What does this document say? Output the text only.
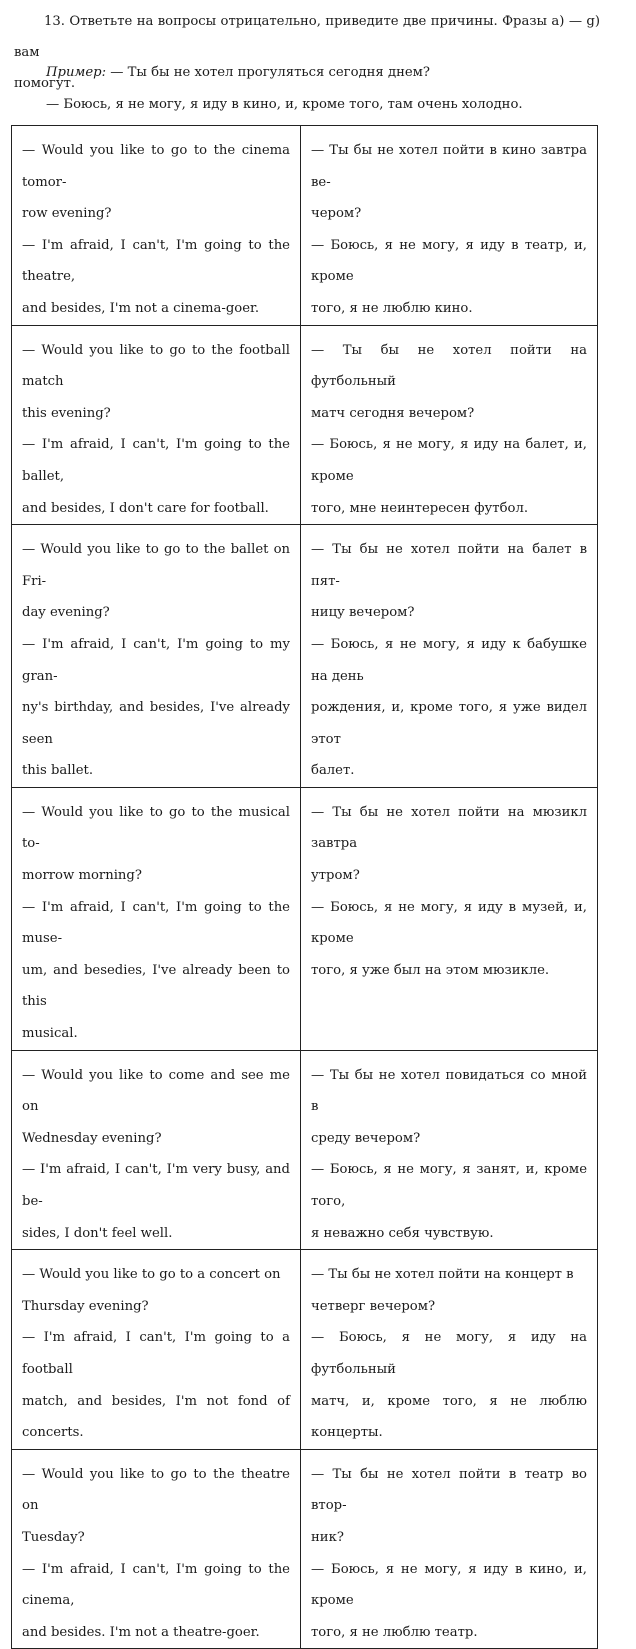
13. Ответьте на вопросы отрицательно, приведите две причины. Фразы a) — g) вам
помогут.
Пример: — Ты бы не хотел прогуляться сегодня днем?
— Боюсь, я не могу, я иду в кино, и, кроме того, там очень холодно.
— Would you like to go to the cinema tomor-
row evening?
— I'm afraid, I can't, I'm going to the theatre,
and besides, I'm not a cinema-goer.	— Ты бы не хотел пойти в кино завтра ве-
чером?
— Боюсь, я не могу, я иду в театр, и, кроме
того, я не люблю кино.

— Would you like to go to the football match
this evening?
— I'm afraid, I can't, I'm going to the ballet,
and besides, I don't care for football.	— Ты бы не хотел пойти на футбольный
матч сегодня вечером?
— Боюсь, я не могу, я иду на балет, и, кроме
того, мне неинтересен футбол.

— Would you like to go to the ballet on Fri-
day evening?
— I'm afraid, I can't, I'm going to my gran-
ny's birthday, and besides, I've already seen
this ballet.	— Ты бы не хотел пойти на балет в пят-
ницу вечером?
— Боюсь, я не могу, я иду к бабушке на день
рождения, и, кроме того, я уже видел этот
балет.

— Would you like to go to the musical to-
morrow morning?
— I'm afraid, I can't, I'm going to the muse-
um, and besedies, I've already been to this
musical.	— Ты бы не хотел пойти на мюзикл завтра
утром?
— Боюсь, я не могу, я иду в музей, и, кроме
того, я уже был на этом мюзикле.

— Would you like to come and see me on
Wednesday evening?
— I'm afraid, I can't, I'm very busy, and be-
sides, I don't feel well.	— Ты бы не хотел повидаться со мной в
среду вечером?
— Боюсь, я не могу, я занят, и, кроме того,
я неважно себя чувствую.

— Would you like to go to a concert on
Thursday evening?
— I'm afraid, I can't, I'm going to a football
match, and besides, I'm not fond of concerts.	— Ты бы не хотел пойти на концерт в
четверг вечером?
— Боюсь, я не могу, я иду на футбольный
матч, и, кроме того, я не люблю концерты.

— Would you like to go to the theatre on
Tuesday?
— I'm afraid, I can't, I'm going to the cinema,
and besides. I'm not a theatre-goer.	— Ты бы не хотел пойти в театр во втор-
ник?
— Боюсь, я не могу, я иду в кино, и, кроме
того, я не люблю театр.
